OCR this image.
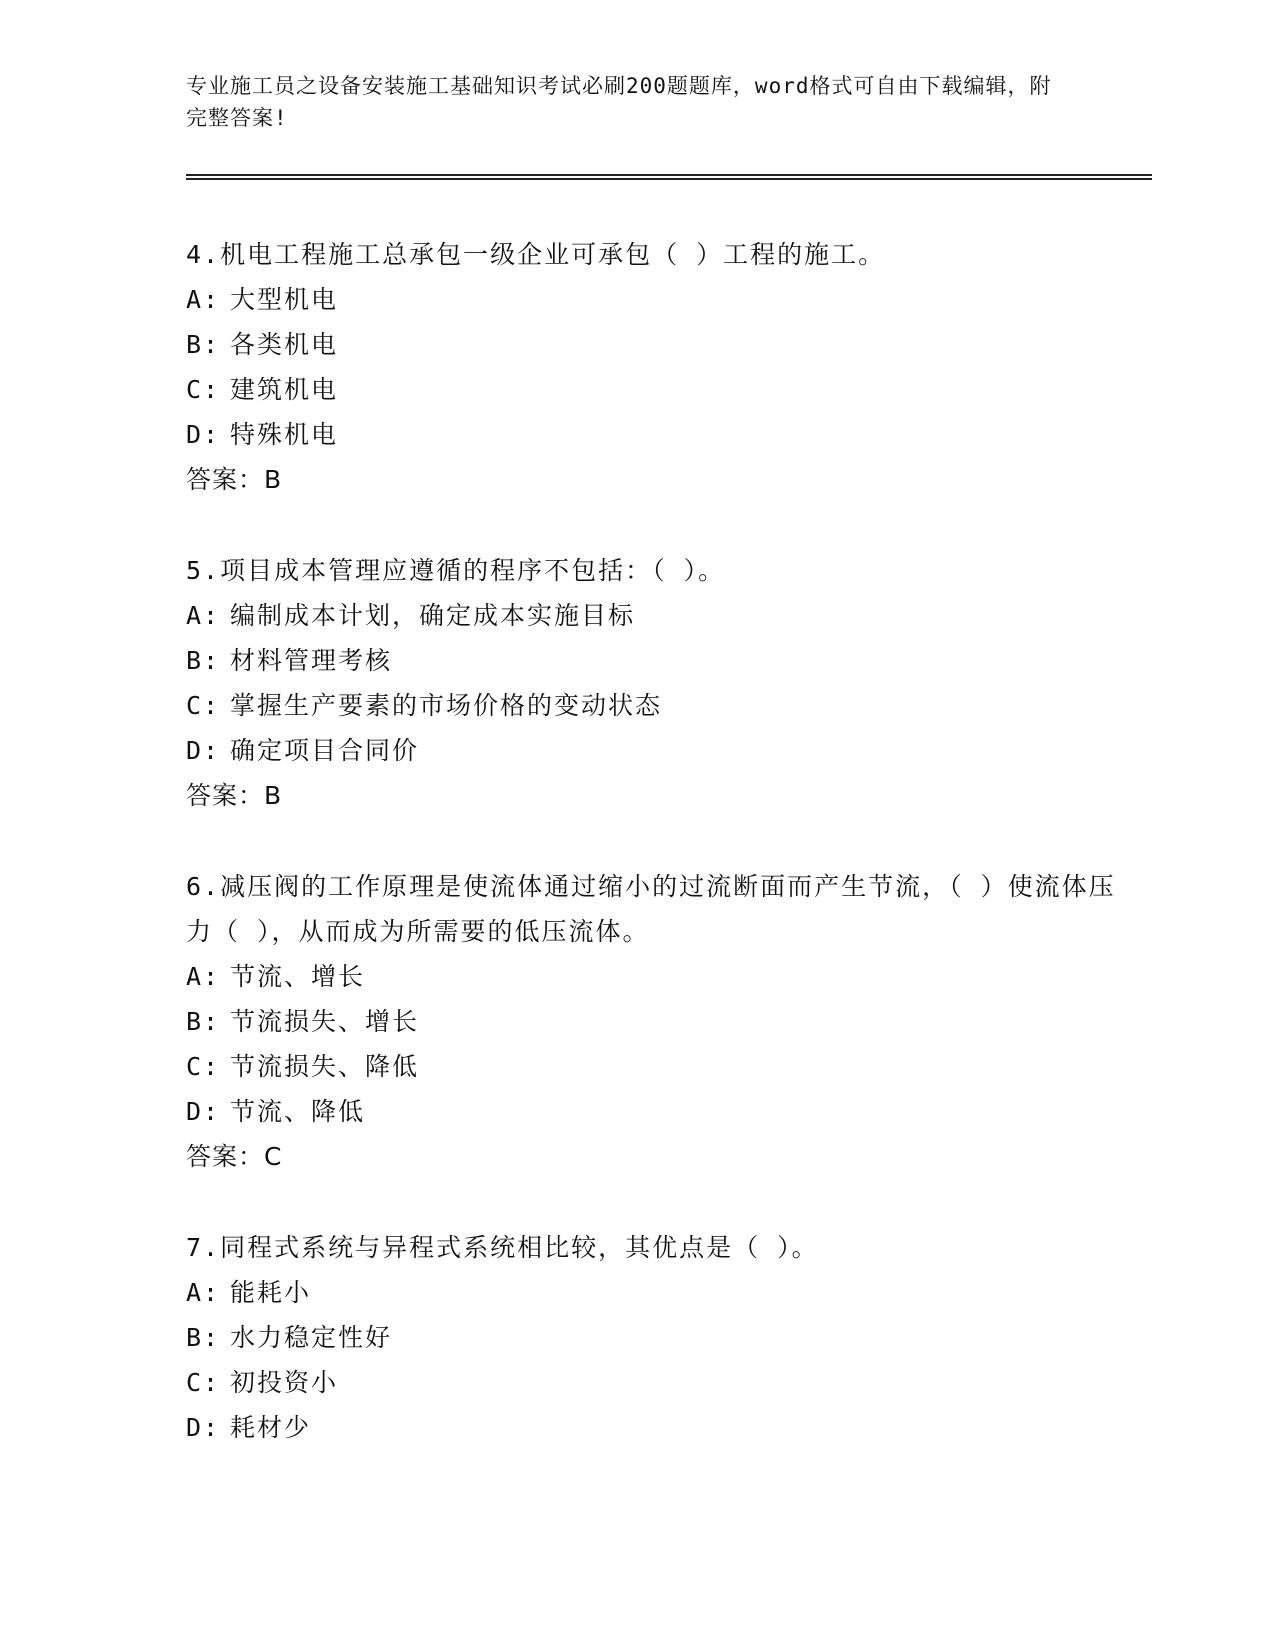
专业施工员之设备安装施工基础知识考试必刷200题题库，word格式可自由下载编辑，附完整答案!
4.机电工程施工总承包一级企业可承包（ ）工程的施工。
A: 大型机电
B: 各类机电
C: 建筑机电
D: 特殊机电
答案：B
5.项目成本管理应遵循的程序不包括：（ ）。
A: 编制成本计划，确定成本实施目标
B: 材料管理考核
C: 掌握生产要素的市场价格的变动状态
D: 确定项目合同价
答案：B
6.减压阀的工作原理是使流体通过缩小的过流断面而产生节流，（ ）使流体压力（ ），从而成为所需要的低压流体。
A: 节流、增长
B: 节流损失、增长
C: 节流损失、降低
D: 节流、降低
答案：C
7.同程式系统与异程式系统相比较，其优点是（ ）。
A: 能耗小
B: 水力稳定性好
C: 初投资小
D: 耗材少
